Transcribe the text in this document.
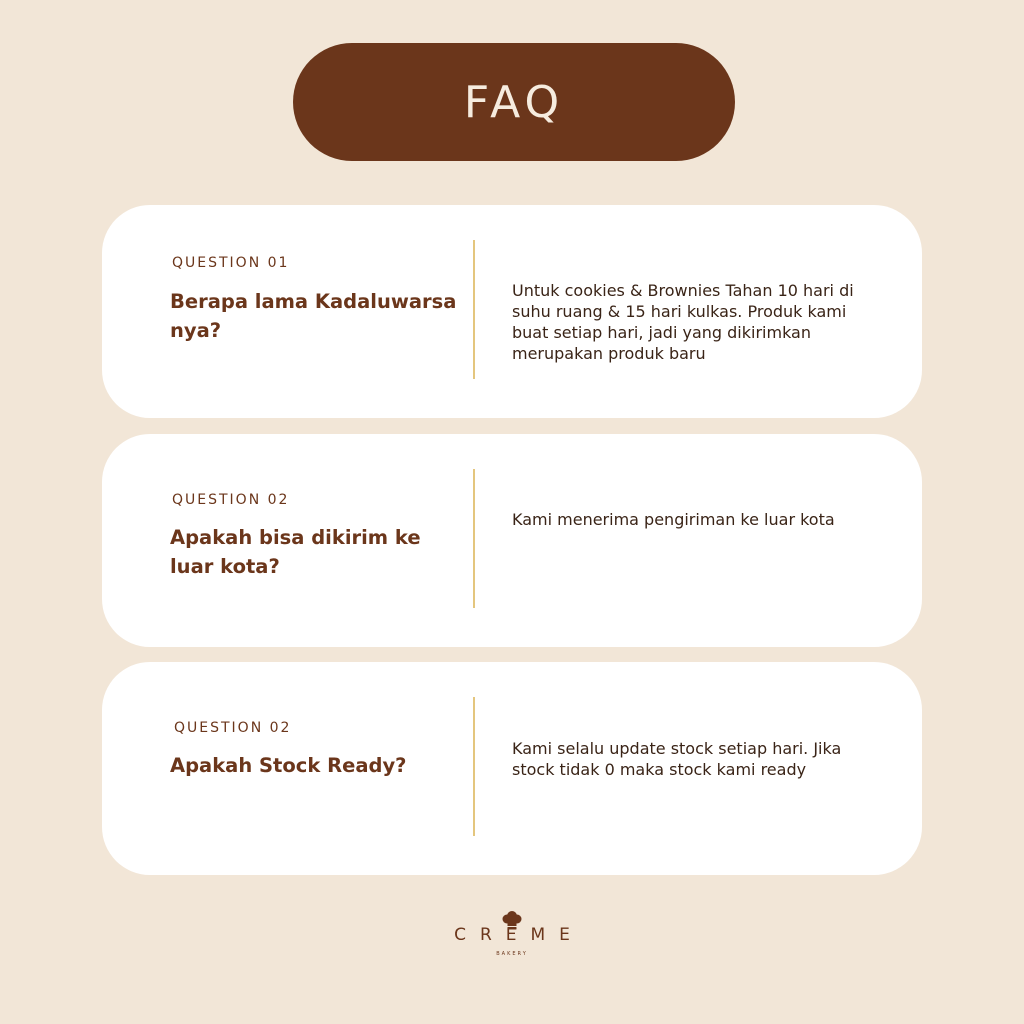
FAQ
QUESTION 01
Berapa lama Kadaluwarsa nya?
Untuk cookies & Brownies Tahan 10 hari di suhu ruang & 15 hari kulkas. Produk kami buat setiap hari, jadi yang dikirimkan merupakan produk baru
QUESTION 02
Apakah bisa dikirim ke luar kota?
Kami menerima pengiriman ke luar kota
QUESTION 02
Apakah Stock Ready?
Kami selalu update stock setiap hari. Jika stock tidak 0 maka stock kami ready
CREME
BAKERY
